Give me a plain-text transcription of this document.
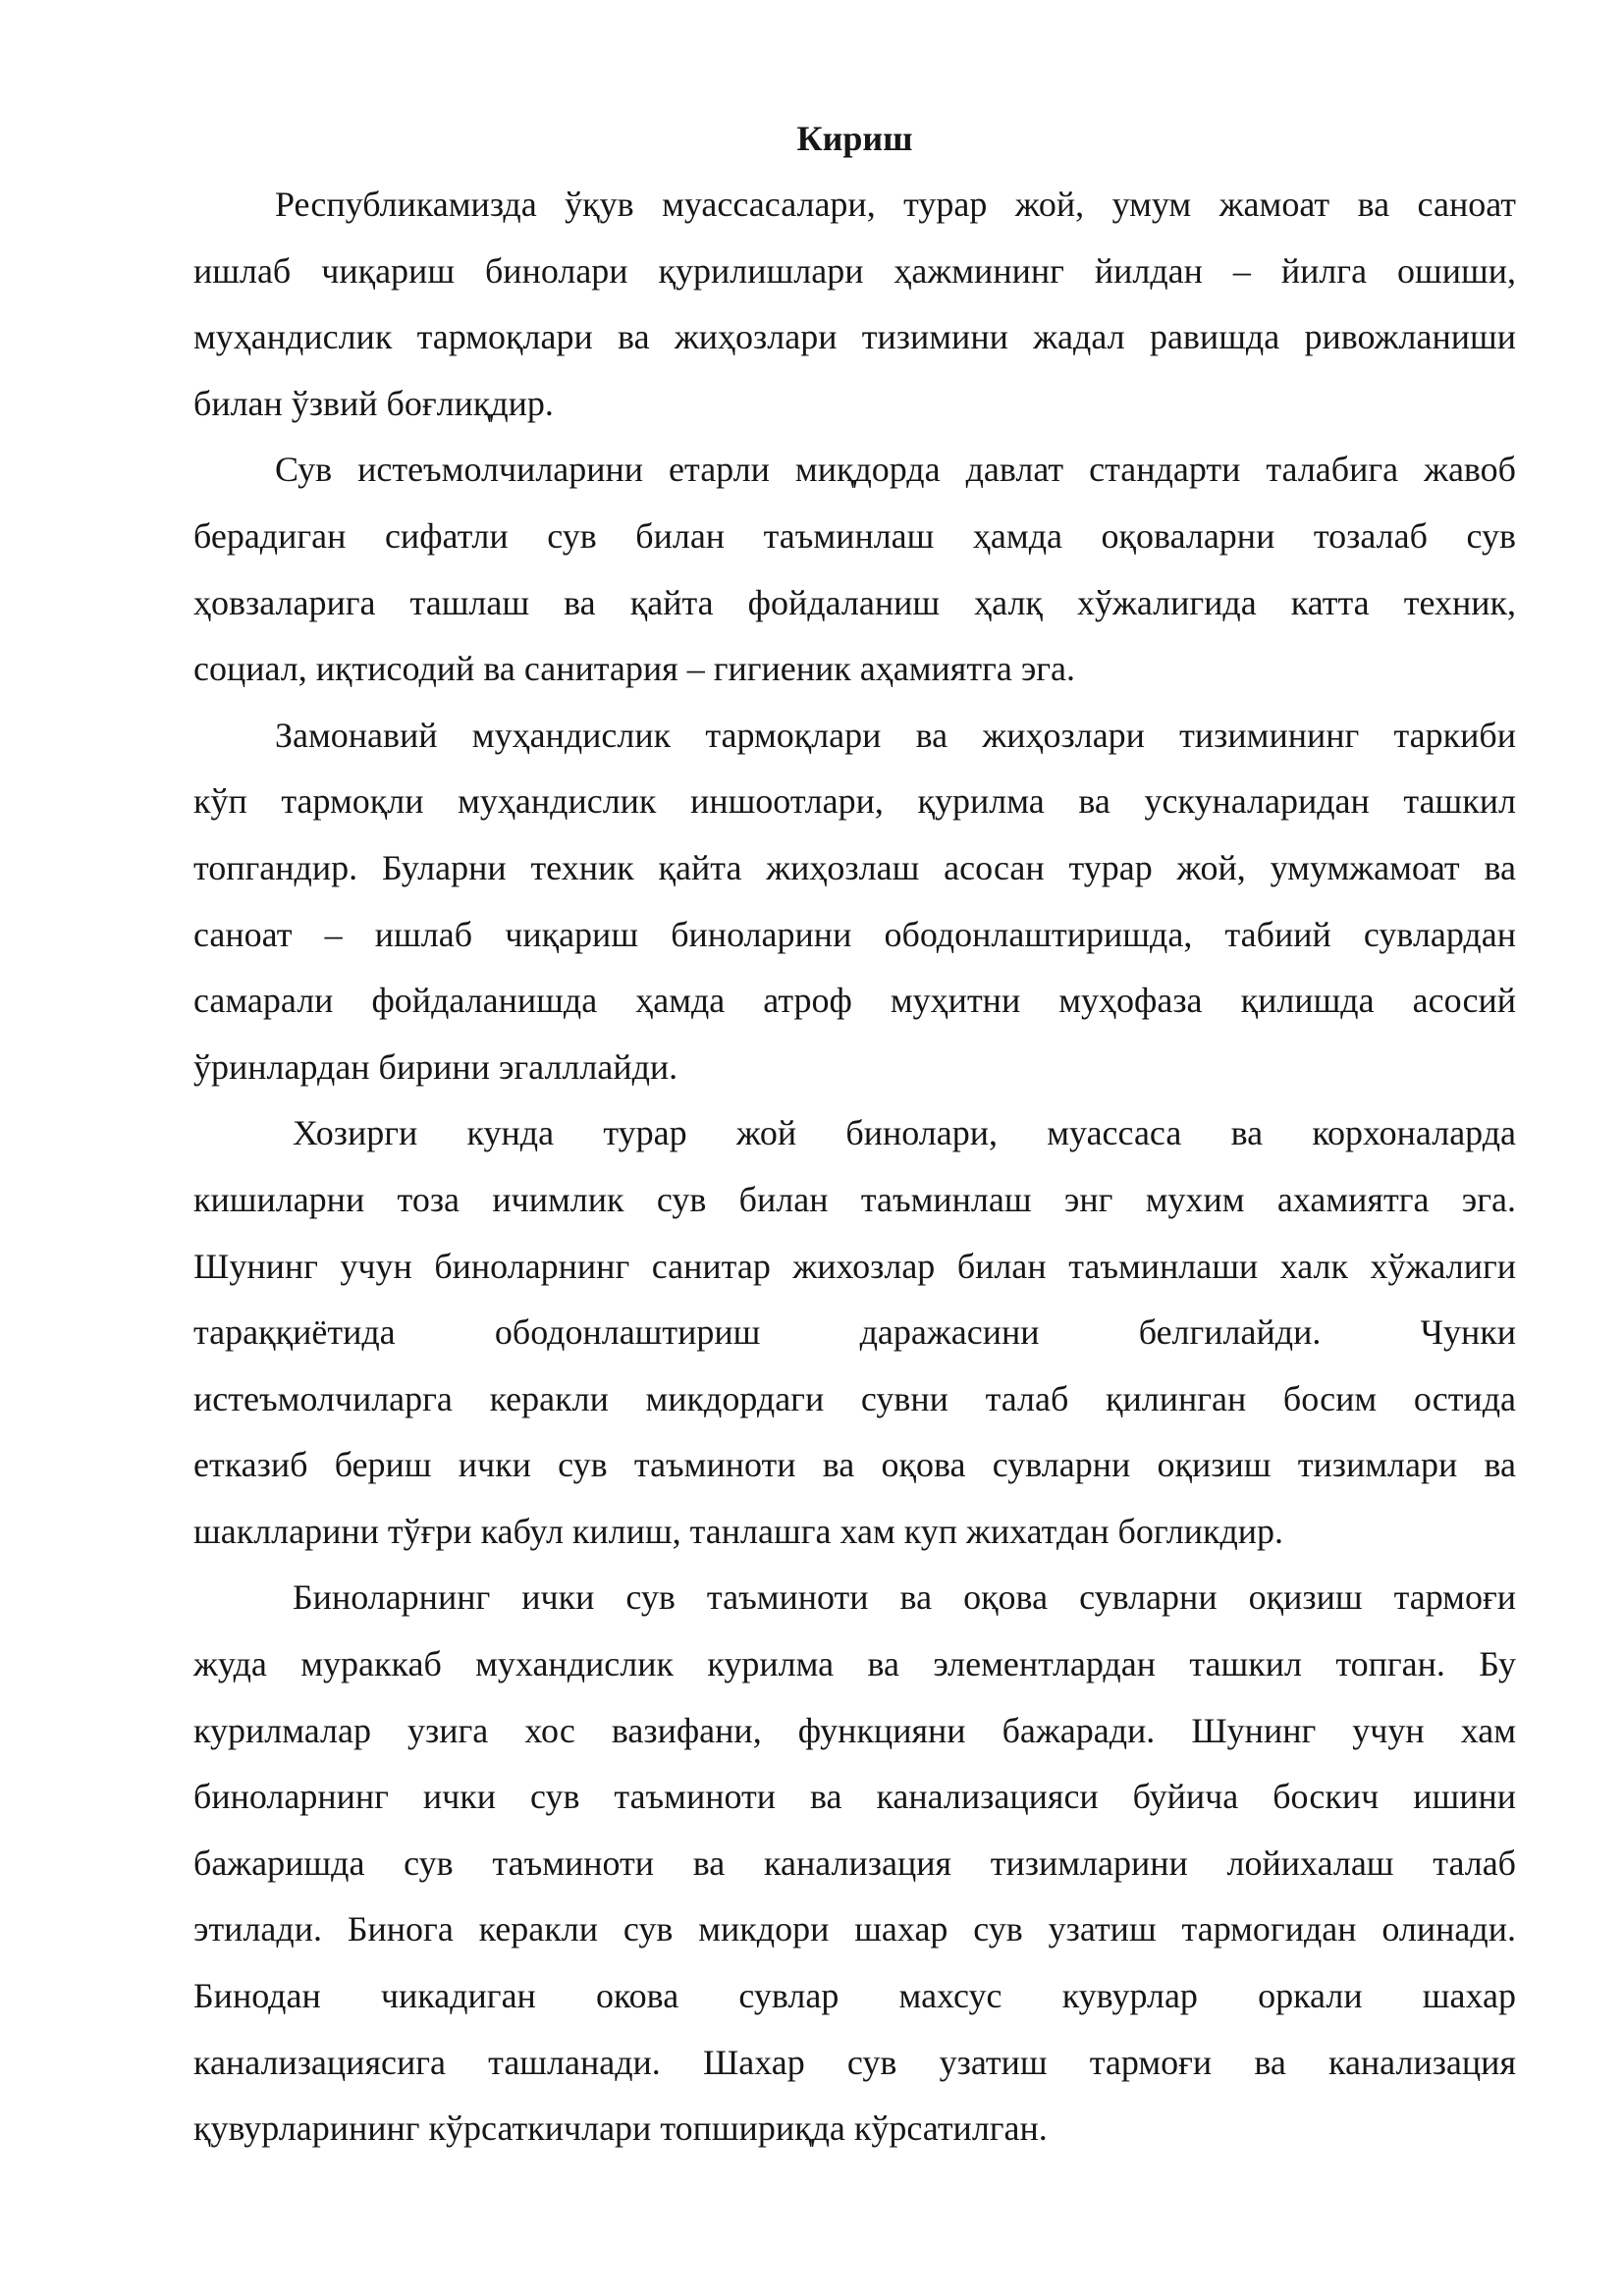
Кириш

Республикамизда ўқув муассасалари, турар жой, умум жамоат ва саноат
ишлаб чиқариш бинолари қурилишлари ҳажмининг йилдан – йилга ошиши,
муҳандислик тармоқлари ва жиҳозлари тизимини жадал равишда ривожланиши
билан ўзвий боғлиқдир.

Сув истеъмолчиларини етарли миқдорда давлат стандарти талабига жавоб
берадиган сифатли сув билан таъминлаш ҳамда оқоваларни тозалаб сув
ҳовзаларига ташлаш ва қайта фойдаланиш ҳалқ хўжалигида катта техник,
социал, иқтисодий ва санитария – гигиеник аҳамиятга эга.

Замонавий муҳандислик тармоқлари ва жиҳозлари тизимининг таркиби
кўп тармоқли муҳандислик иншоотлари, қурилма ва ускуналаридан ташкил
топгандир. Буларни техник қайта жиҳозлаш асосан турар жой, умумжамоат ва
саноат – ишлаб чиқариш биноларини ободонлаштиришда, табиий сувлардан
самарали фойдаланишда ҳамда атроф муҳитни муҳофаза қилишда асосий
ўринлардан бирини эгалллайди.

Хозирги кунда турар жой бинолари, муассаса ва корхоналарда
кишиларни тоза ичимлик сув билан таъминлаш энг мухим ахамиятга эга.
Шунинг учун биноларнинг санитар жихозлар билан таъминлаши халк хўжалиги
тараққиётида ободонлаштириш даражасини белгилайди. Чунки
истеъмолчиларга керакли микдордаги сувни талаб қилинган босим остида
етказиб бериш ички сув таъминоти ва оқова сувларни оқизиш тизимлари ва
шаклларини тўғри кабул килиш, танлашга хам куп жихатдан богликдир.

Биноларнинг ички сув таъминоти ва оқова сувларни оқизиш тармоғи
жуда мураккаб мухандислик курилма ва элементлардан ташкил топган. Бу
курилмалар узига хос вазифани, функцияни бажаради. Шунинг учун хам
биноларнинг ички сув таъминоти ва канализацияси буйича боскич ишини
бажаришда сув таъминоти ва канализация тизимларини лойихалаш талаб
этилади. Бинога керакли сув микдори шахар сув узатиш тармогидан олинади.
Бинодан чикадиган окова сувлар махсус кувурлар оркали шахар
канализациясига ташланади. Шахар сув узатиш тармоғи ва канализация
қувурларининг кўрсаткичлари топшириқда кўрсатилган.
